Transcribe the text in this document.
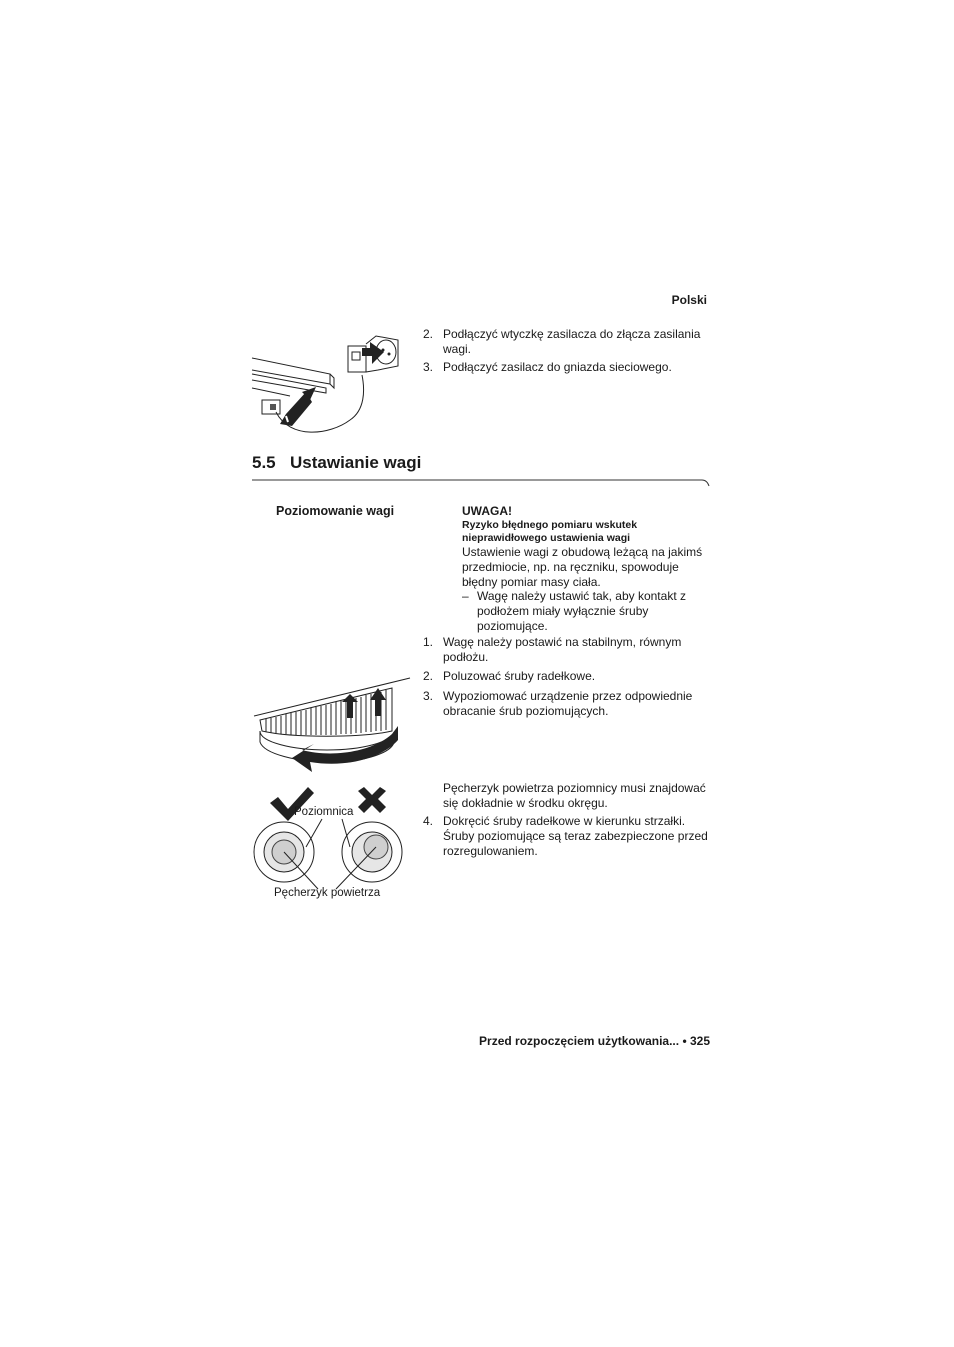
Polski
2. Podłączyć wtyczkę zasilacza do złącza zasilania wagi.
3. Podłączyć zasilacz do gniazda sieciowego.
5.5 Ustawianie wagi
Poziomowanie wagi	UWAGA!
Ryzyko błędnego pomiaru wskutek nieprawidłowego ustawienia wagi
Ustawienie wagi z obudową leżącą na jakimś przedmiocie, np. na ręczniku, spowoduje błędny pomiar masy ciała.
– Wagę należy ustawić tak, aby kontakt z podłożem miały wyłącznie śruby poziomujące.
1. Wagę należy postawić na stabilnym, równym podłożu.
2. Poluzować śruby radełkowe.
3. Wypoziomować urządzenie przez odpowiednie obracanie śrub poziomujących.
Pęcherzyk powietrza poziomnicy musi znajdować się dokładnie w środku okręgu.
4. Dokręcić śruby radełkowe w kierunku strzałki.
Śruby poziomujące są teraz zabezpieczone przed rozregulowaniem.
Poziomnica
Pęcherzyk powietrza
Przed rozpoczęciem użytkowania... • 325
